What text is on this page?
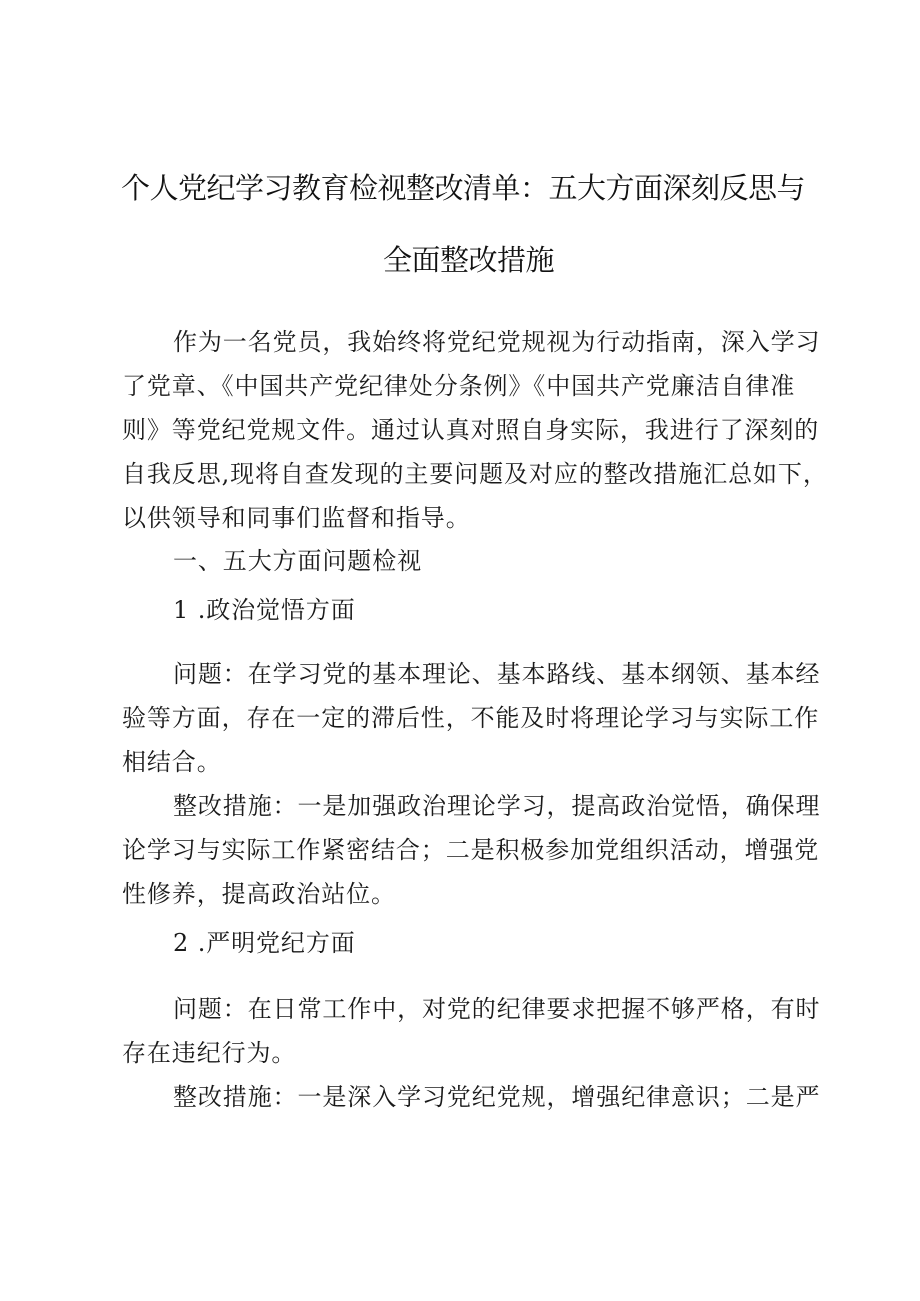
个人党纪学习教育检视整改清单：五大方面深刻反思与
全面整改措施
作为一名党员，我始终将党纪党规视为行动指南，深入学习
了党章、《中国共产党纪律处分条例》《中国共产党廉洁自律准
则》等党纪党规文件。通过认真对照自身实际，我进行了深刻的
自我反思,现将自查发现的主要问题及对应的整改措施汇总如下，
以供领导和同事们监督和指导。
一、五大方面问题检视
1 .政治觉悟方面
问题：在学习党的基本理论、基本路线、基本纲领、基本经
验等方面，存在一定的滞后性，不能及时将理论学习与实际工作
相结合。
整改措施：一是加强政治理论学习，提高政治觉悟，确保理
论学习与实际工作紧密结合；二是积极参加党组织活动，增强党
性修养，提高政治站位。
2 .严明党纪方面
问题：在日常工作中，对党的纪律要求把握不够严格，有时
存在违纪行为。
整改措施：一是深入学习党纪党规，增强纪律意识；二是严
